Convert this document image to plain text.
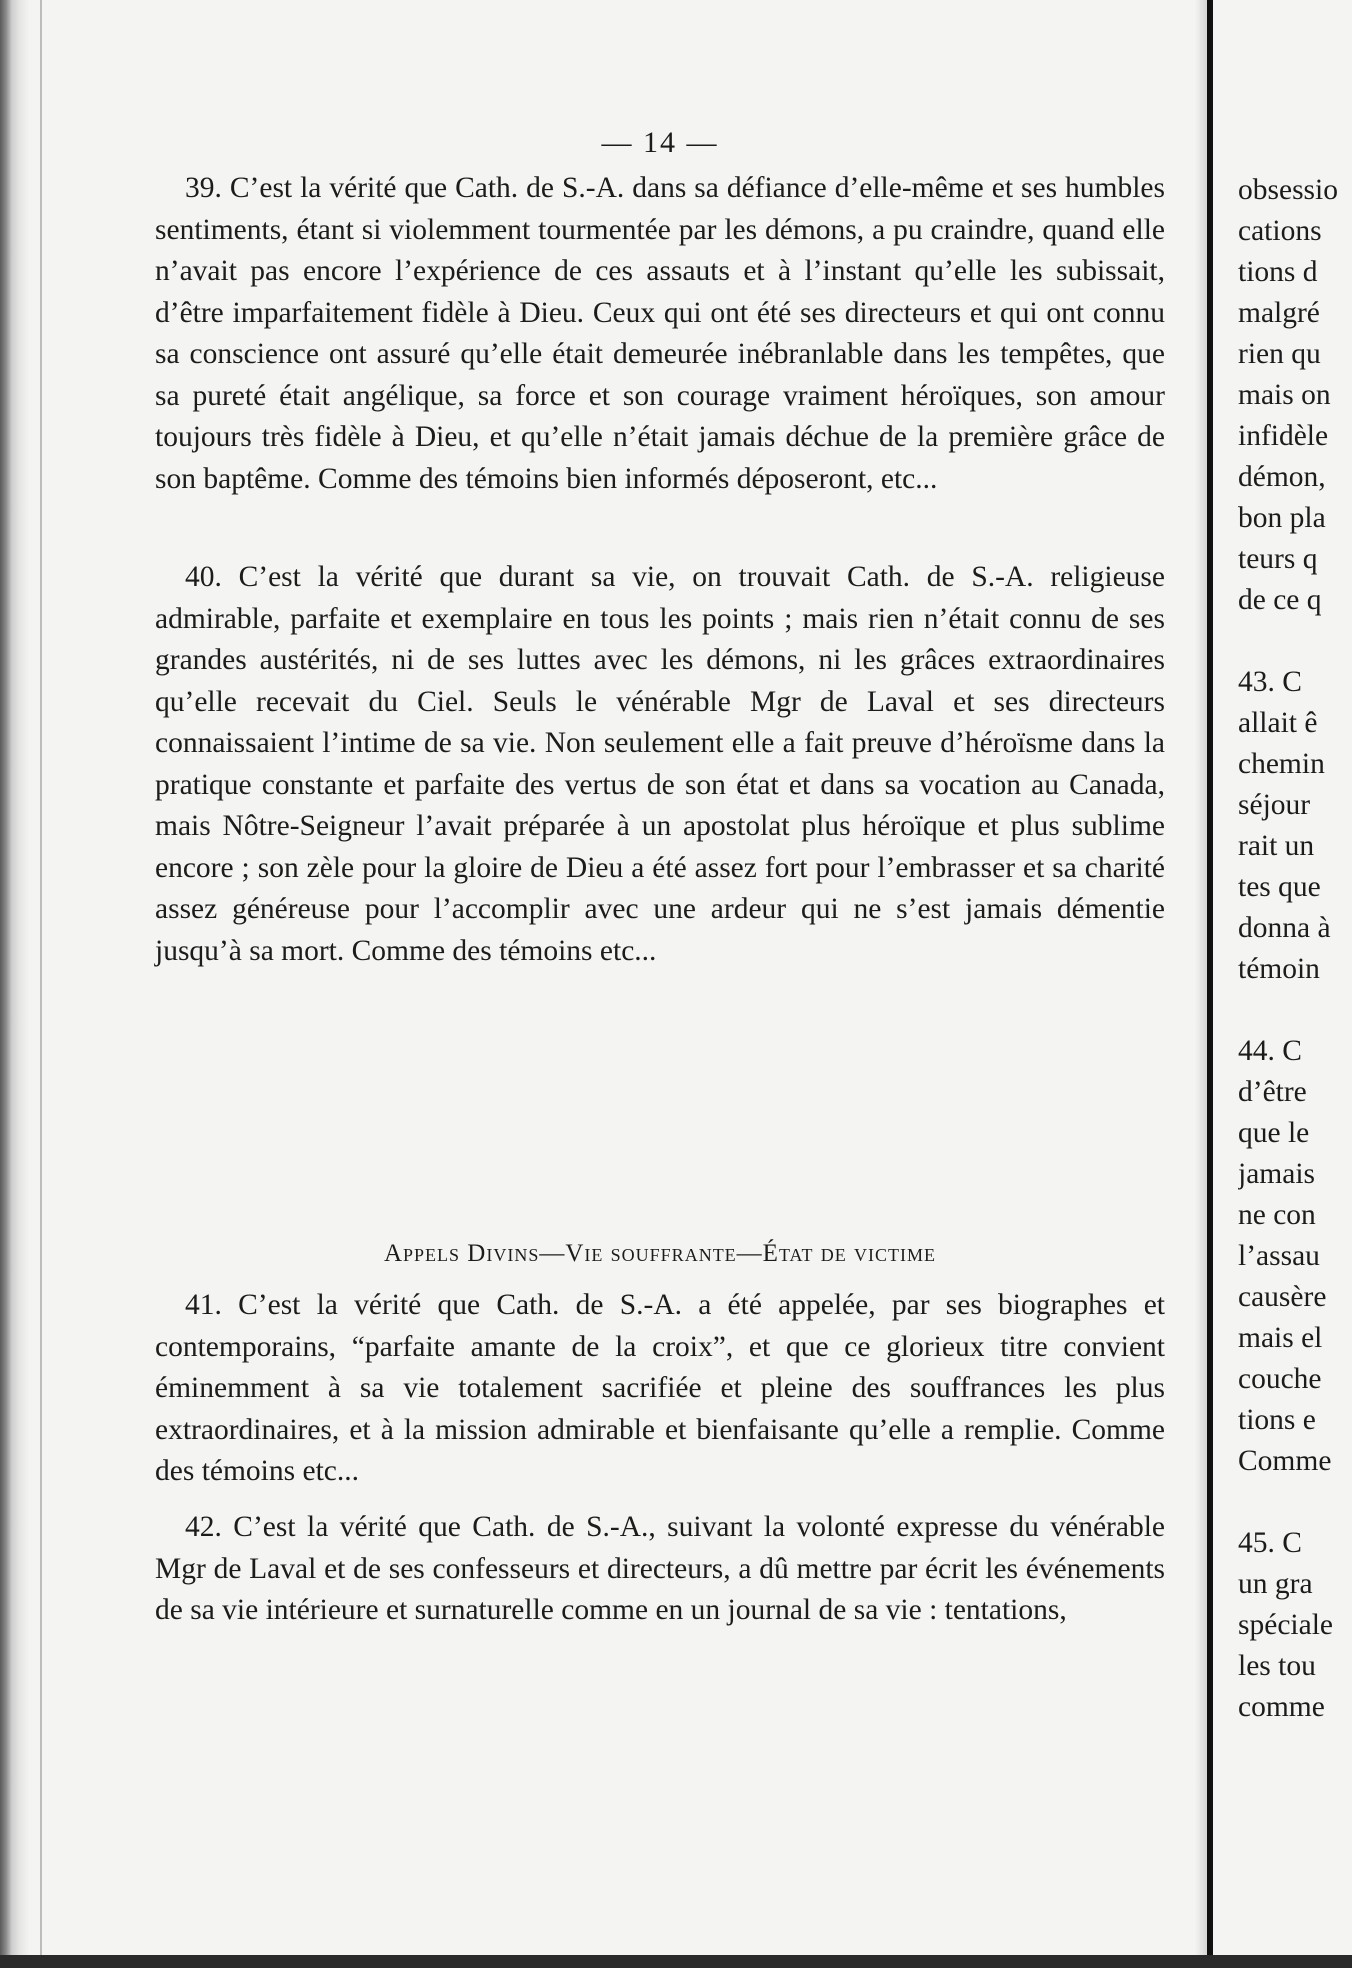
— 14 —

39. C’est la vérité que Cath. de S.-A. dans sa défiance d’elle-même et ses humbles sentiments, étant si violemment tourmentée par les démons, a pu craindre, quand elle n’avait pas encore l’expérience de ces assauts et à l’instant qu’elle les subissait, d’être imparfaitement fidèle à Dieu. Ceux qui ont été ses directeurs et qui ont connu sa conscience ont assuré qu’elle était demeurée inébranlable dans les tempêtes, que sa pureté était angélique, sa force et son courage vraiment héroïques, son amour toujours très fidèle à Dieu, et qu’elle n’était jamais déchue de la première grâce de son baptême. Comme des témoins bien informés déposeront, etc...

40. C’est la vérité que durant sa vie, on trouvait Cath. de S.-A. religieuse admirable, parfaite et exemplaire en tous les points ; mais rien n’était connu de ses grandes austérités, ni de ses luttes avec les démons, ni les grâces extraordinaires qu’elle recevait du Ciel. Seuls le vénérable Mgr de Laval et ses directeurs connaissaient l’intime de sa vie. Non seulement elle a fait preuve d’héroïsme dans la pratique constante et parfaite des vertus de son état et dans sa vocation au Canada, mais Nôtre-Seigneur l’avait préparée à un apostolat plus héroïque et plus sublime encore ; son zèle pour la gloire de Dieu a été assez fort pour l’embrasser et sa charité assez généreuse pour l’accomplir avec une ardeur qui ne s’est jamais démentie jusqu’à sa mort. Comme des témoins etc...

Appels Divins—Vie souffrante—État de victime

41. C’est la vérité que Cath. de S.-A. a été appelée, par ses biographes et contemporains, “parfaite amante de la croix”, et que ce glorieux titre convient éminemment à sa vie totalement sacrifiée et pleine des souffrances les plus extraordinaires, et à la mission admirable et bienfaisante qu’elle a remplie. Comme des témoins etc...

42. C’est la vérité que Cath. de S.-A., suivant la volonté expresse du vénérable Mgr de Laval et de ses confesseurs et directeurs, a dû mettre par écrit les événements de sa vie intérieure et surnaturelle comme en un journal de sa vie : tentations,

obsessio
cations
tions d
malgré
rien qu
mais on
infidèle
démon,
bon pla
teurs q
de ce q
43. C
allait ê
chemin
séjour
rait un
tes que
donna à
témoin
44. C
d’être
que le
jamais
ne con
l’assau
causère
mais el
couche
tions e
Comme
45. C
un gra
spéciale
les tou
comme
